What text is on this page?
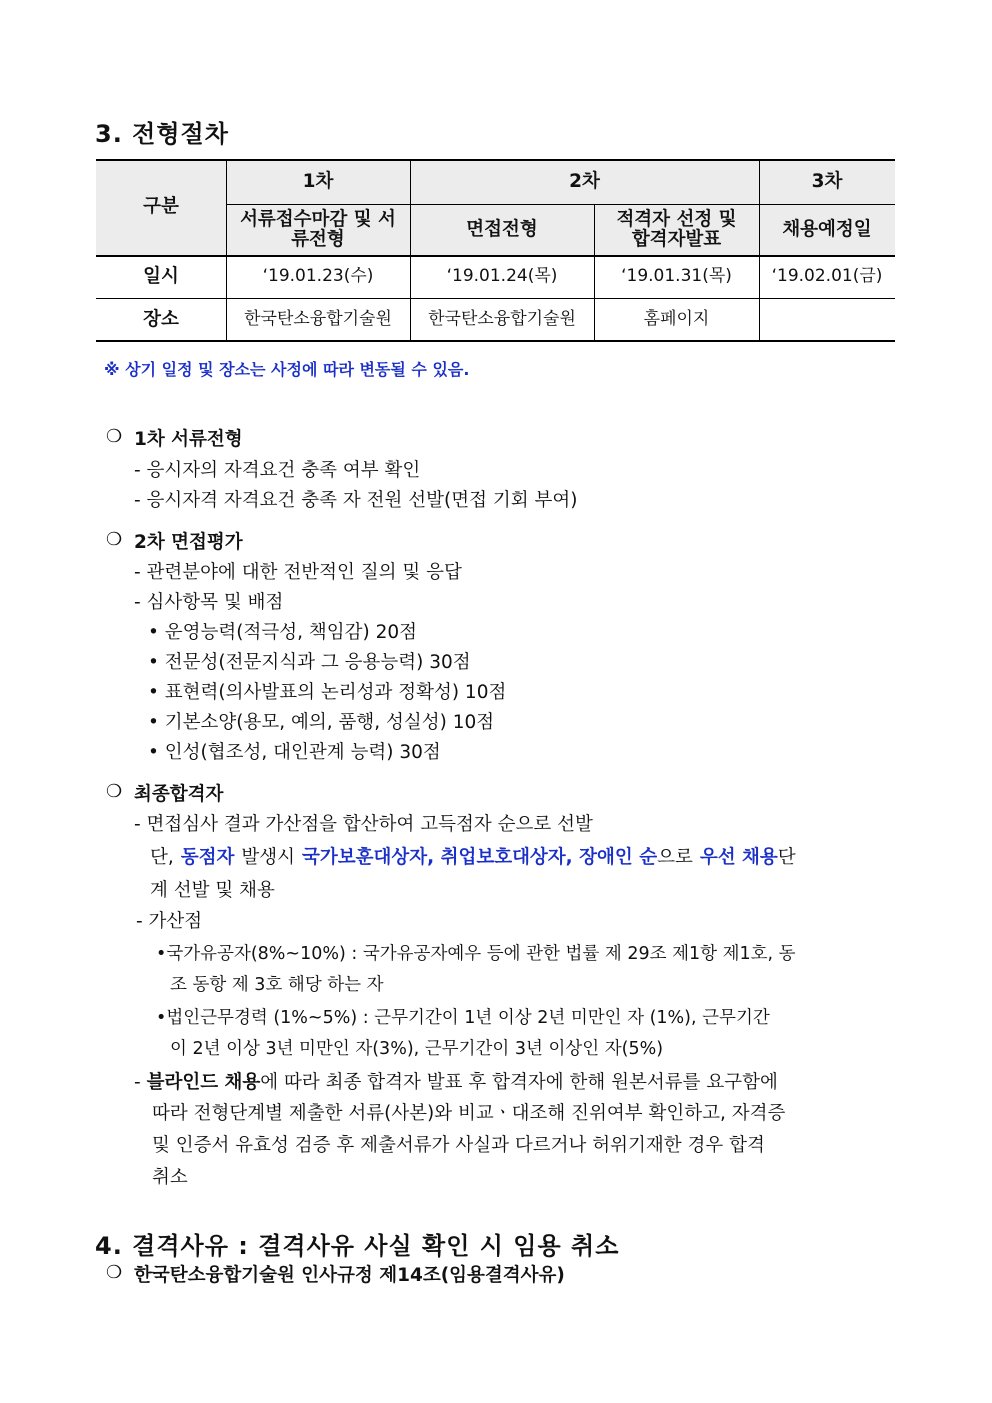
3. 전형절차
구분
1차	2차	3차
서류접수마감 및 서류전형	면접전형	적격자 선정 및 합격자발표	채용예정일
일시	‘19.01.23(수)	‘19.01.24(목)	‘19.01.31(목)	‘19.02.01(금)
장소	한국탄소융합기술원	한국탄소융합기술원	홈페이지
※ 상기 일정 및 장소는 사정에 따라 변동될 수 있음.
❍ 1차 서류전형
- 응시자의 자격요건 충족 여부 확인
- 응시자격 자격요건 충족 자 전원 선발(면접 기회 부여)
❍ 2차 면접평가
- 관련분야에 대한 전반적인 질의 및 응답
- 심사항목 및 배점
• 운영능력(적극성, 책임감) 20점
• 전문성(전문지식과 그 응용능력) 30점
• 표현력(의사발표의 논리성과 정확성) 10점
• 기본소양(용모, 예의, 품행, 성실성) 10점
• 인성(협조성, 대인관계 능력) 30점
❍ 최종합격자
- 면접심사 결과 가산점을 합산하여 고득점자 순으로 선발
단, 동점자 발생시 국가보훈대상자, 취업보호대상자, 장애인 순 으로 우선 채용 단
계 선발 및 채용
- 가산점
•국가유공자(8%~10%) : 국가유공자예우 등에 관한 법률 제 29조 제1항 제1호, 동
조 동항 제 3호 해당 하는 자
•법인근무경력 (1%~5%) : 근무기간이 1년 이상 2년 미만인 자 (1%), 근무기간
이 2년 이상 3년 미만인 자(3%), 근무기간이 3년 이상인 자(5%)
- 블라인드 채용에 따라 최종 합격자 발표 후 합격자에 한해 원본서류를 요구함에
따라 전형단계별 제출한 서류(사본)와 비교ㆍ대조해 진위여부 확인하고, 자격증
및 인증서 유효성 검증 후 제출서류가 사실과 다르거나 허위기재한 경우 합격
취소
4. 결격사유 : 결격사유 사실 확인 시 임용 취소
❍ 한국탄소융합기술원 인사규정 제14조(임용결격사유)
